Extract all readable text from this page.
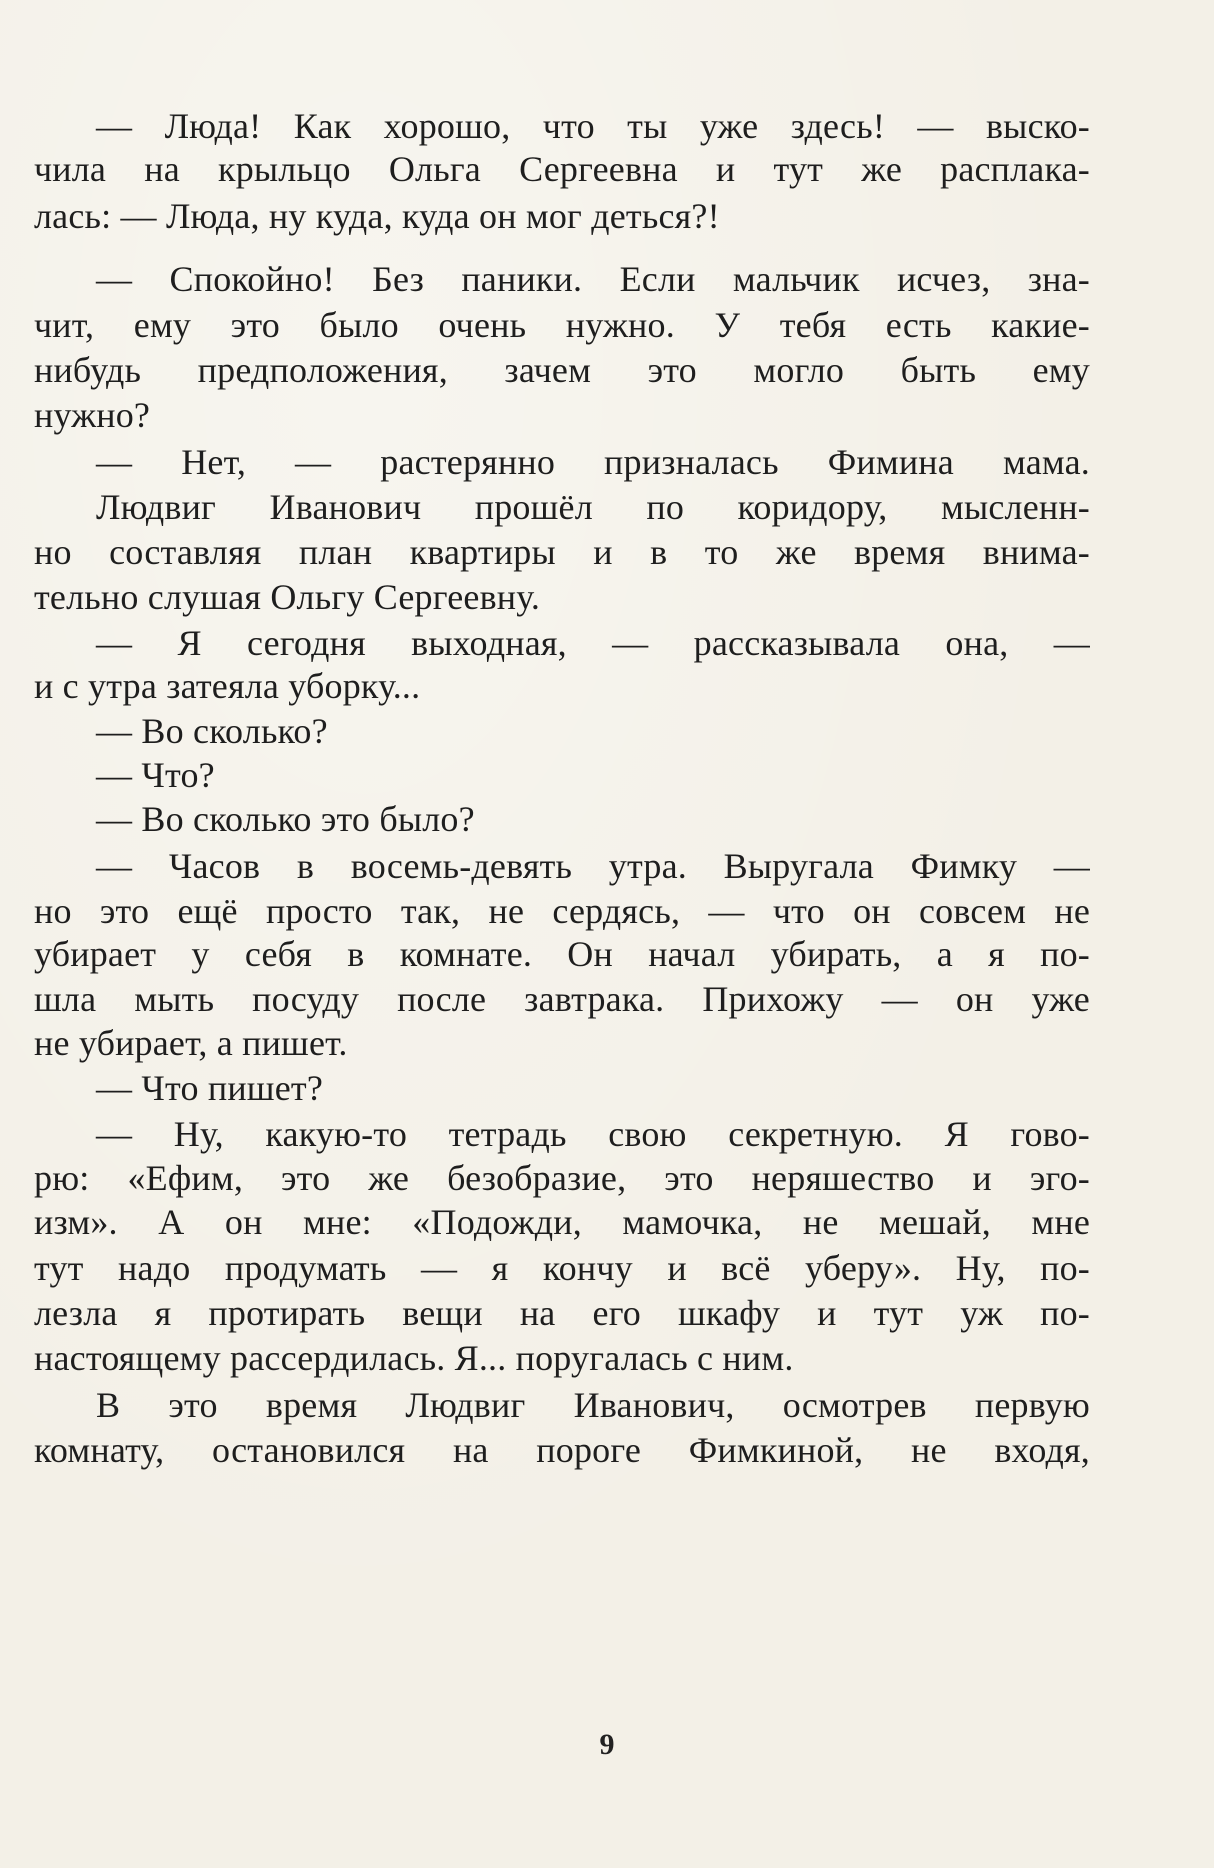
— Люда! Как хорошо, что ты уже здесь! — выско-
чила на крыльцо Ольга Сергеевна и тут же расплака-
лась: — Люда, ну куда, куда он мог деться?!
— Спокойно! Без паники. Если мальчик исчез, зна-
чит, ему это было очень нужно. У тебя есть какие-
нибудь предположения, зачем это могло быть ему
нужно?
— Нет, — растерянно призналась Фимина мама.
Людвиг Иванович прошёл по коридору, мысленн-
но составляя план квартиры и в то же время внима-
тельно слушая Ольгу Сергеевну.
— Я сегодня выходная, — рассказывала она, —
и с утра затеяла уборку...
— Во сколько?
— Что?
— Во сколько это было?
— Часов в восемь-девять утра. Выругала Фимку —
но это ещё просто так, не сердясь, — что он совсем не
убирает у себя в комнате. Он начал убирать, а я по-
шла мыть посуду после завтрака. Прихожу — он уже
не убирает, а пишет.
— Что пишет?
— Ну, какую-то тетрадь свою секретную. Я гово-
рю: «Ефим, это же безобразие, это неряшество и эго-
изм». А он мне: «Подожди, мамочка, не мешай, мне
тут надо продумать — я кончу и всё уберу». Ну, по-
лезла я протирать вещи на его шкафу и тут уж по-
настоящему рассердилась. Я... поругалась с ним.
В это время Людвиг Иванович, осмотрев первую
комнату, остановился на пороге Фимкиной, не входя,
9
